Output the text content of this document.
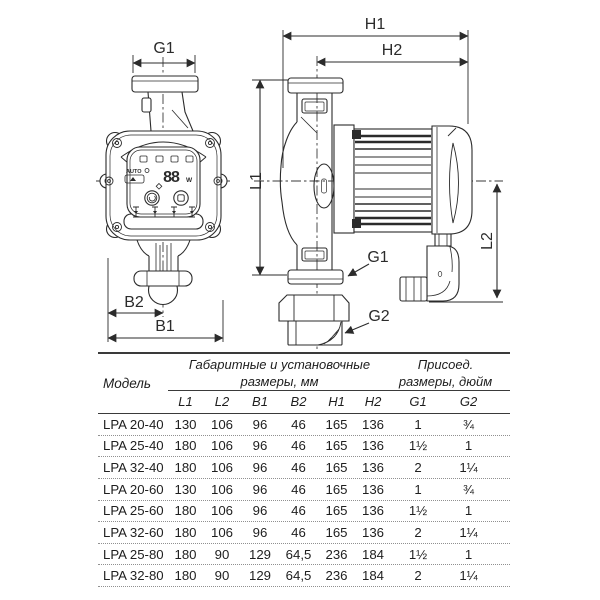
G1
AUTO 88 W
B2
B1
H1
H2
L1
L2
G1
G2
Модель
Габаритные и установочные
размеры, мм
Присоед.
размеры, дюйм
L1	L2	B1	B2	H1	H2	G1	G2
LPA 20-40 130	106	96	46	165	136	1	¾
LPA 25-40 180	106	96	46	165	136	1½	1
LPA 32-40 180	106	96	46	165	136	2	1¼
LPA 20-60 130	106	96	46	165	136	1	¾
LPA 25-60 180	106	96	46	165	136	1½	1
LPA 32-60 180	106	96	46	165	136	2	1¼
LPA 25-80 180	90	129	64,5	236	184	1½	1
LPA 32-80 180	90	129	64,5	236	184	2	1¼
